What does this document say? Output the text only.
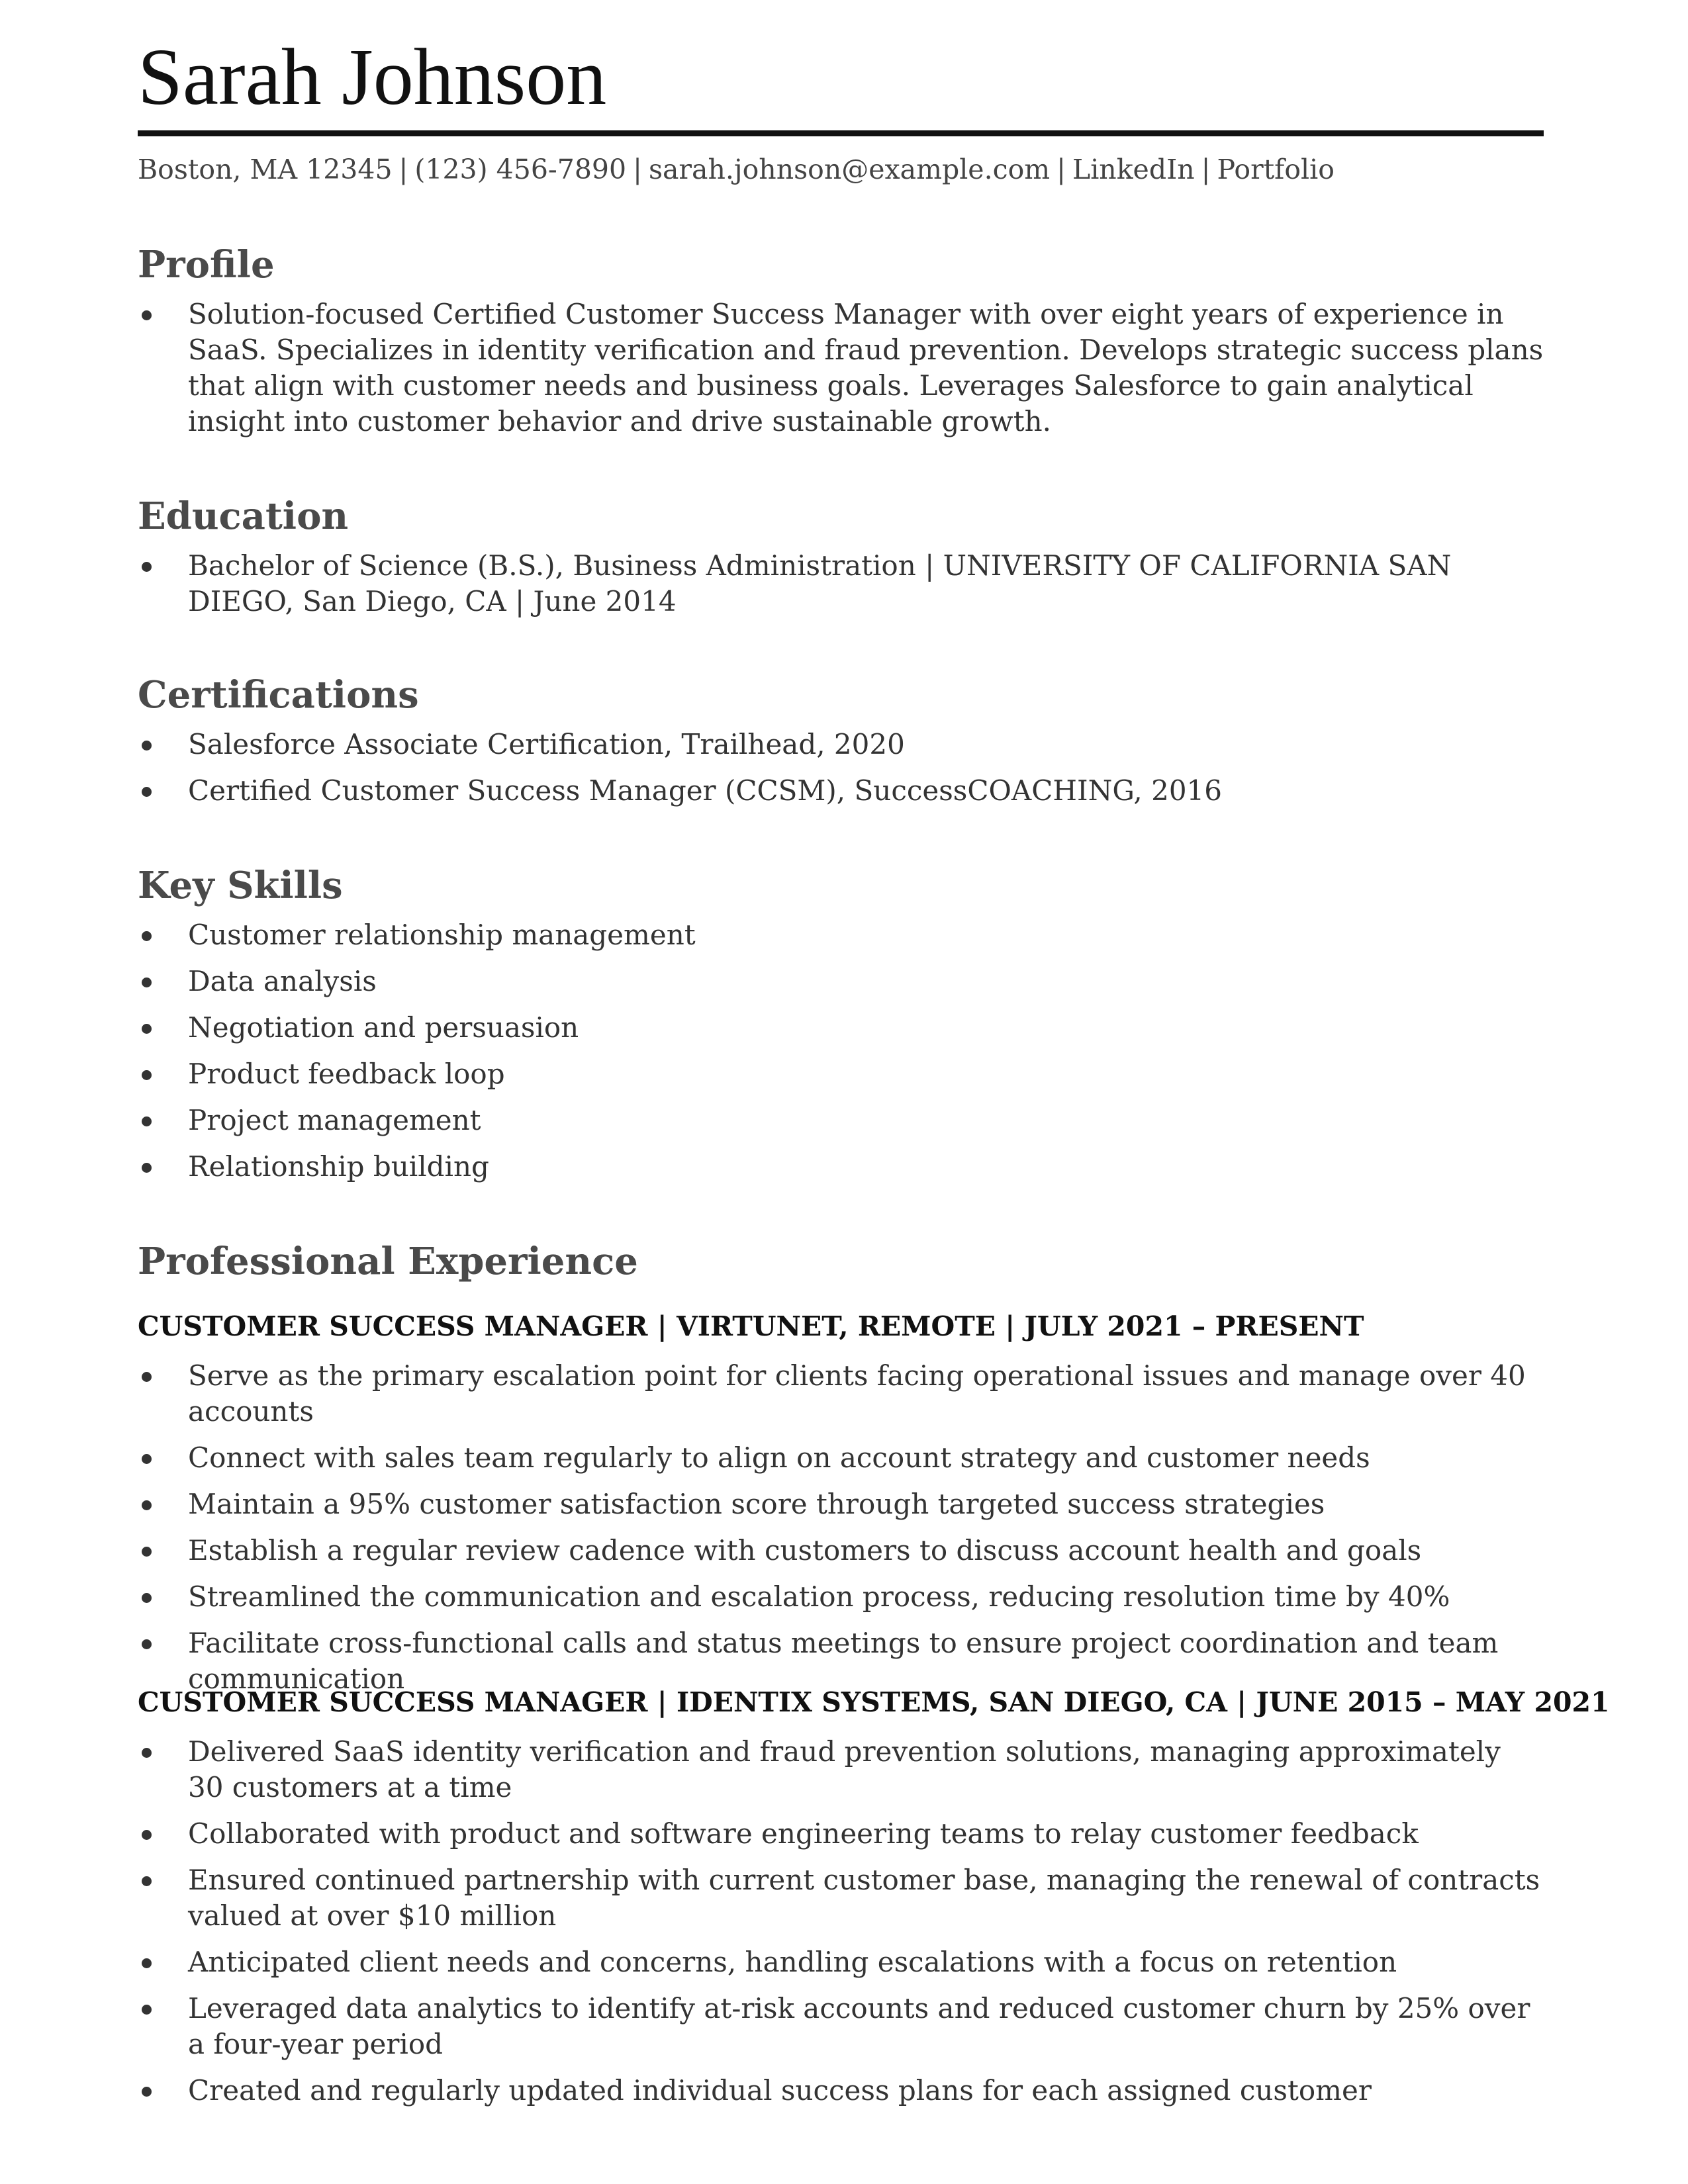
Sarah Johnson
Boston, MA 12345 | (123) 456-7890 | sarah.johnson@example.com | LinkedIn | Portfolio
Profile
Solution-focused Certified Customer Success Manager with over eight years of experience in SaaS. Specializes in identity verification and fraud prevention. Develops strategic success plans that align with customer needs and business goals. Leverages Salesforce to gain analytical insight into customer behavior and drive sustainable growth.
Education
Bachelor of Science (B.S.), Business Administration | UNIVERSITY OF CALIFORNIA SAN DIEGO, San Diego, CA | June 2014
Certifications
Salesforce Associate Certification, Trailhead, 2020
Certified Customer Success Manager (CCSM), SuccessCOACHING, 2016
Key Skills
Customer relationship management
Data analysis
Negotiation and persuasion
Product feedback loop
Project management
Relationship building
Professional Experience
CUSTOMER SUCCESS MANAGER | VIRTUNET, REMOTE | JULY 2021 – PRESENT
Serve as the primary escalation point for clients facing operational issues and manage over 40 accounts
Connect with sales team regularly to align on account strategy and customer needs
Maintain a 95% customer satisfaction score through targeted success strategies
Establish a regular review cadence with customers to discuss account health and goals
Streamlined the communication and escalation process, reducing resolution time by 40%
Facilitate cross-functional calls and status meetings to ensure project coordination and team communication
CUSTOMER SUCCESS MANAGER | IDENTIX SYSTEMS, SAN DIEGO, CA | JUNE 2015 – MAY 2021
Delivered SaaS identity verification and fraud prevention solutions, managing approximately 30 customers at a time
Collaborated with product and software engineering teams to relay customer feedback
Ensured continued partnership with current customer base, managing the renewal of contracts valued at over $10 million
Anticipated client needs and concerns, handling escalations with a focus on retention
Leveraged data analytics to identify at-risk accounts and reduced customer churn by 25% over a four-year period
Created and regularly updated individual success plans for each assigned customer
